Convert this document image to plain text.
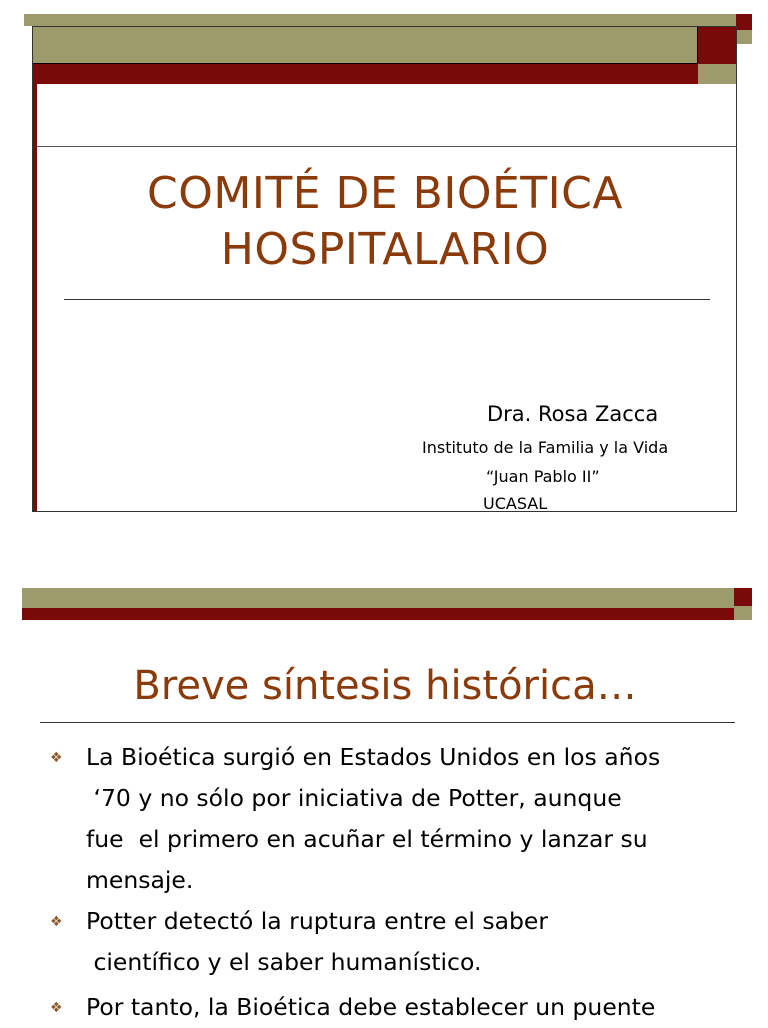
COMITÉ DE BIOÉTICA
HOSPITALARIO
Dra. Rosa Zacca
Instituto de la Familia y la Vida
“Juan Pablo II”
UCASAL
Breve síntesis histórica…
❖ La Bioética surgió en Estados Unidos en los años
‘70 y no sólo por iniciativa de Potter, aunque
fue  el primero en acuñar el término y lanzar su
mensaje.
❖ Potter detectó la ruptura entre el saber
científico y el saber humanístico.
❖ Por tanto, la Bioética debe establecer un puente
